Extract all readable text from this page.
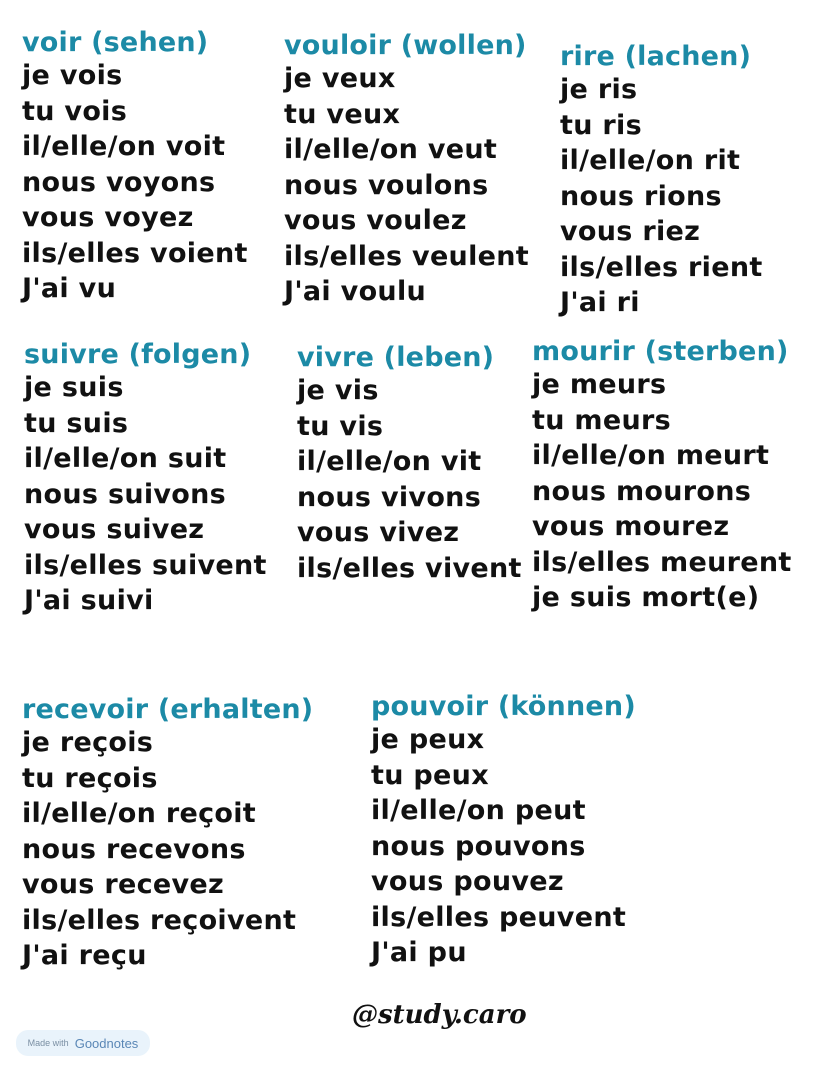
voir (sehen)
je vois
tu vois
il/elle/on voit
nous voyons
vous voyez
ils/elles voient
J'ai vu
vouloir (wollen)
je veux
tu veux
il/elle/on veut
nous voulons
vous voulez
ils/elles veulent
J'ai voulu
rire (lachen)
je ris
tu ris
il/elle/on rit
nous rions
vous riez
ils/elles rient
J'ai ri
suivre (folgen)
je suis
tu suis
il/elle/on suit
nous suivons
vous suivez
ils/elles suivent
J'ai suivi
vivre (leben)
je vis
tu vis
il/elle/on vit
nous vivons
vous vivez
ils/elles vivent
mourir (sterben)
je meurs
tu meurs
il/elle/on meurt
nous mourons
vous mourez
ils/elles meurent
je suis mort(e)
recevoir (erhalten)
je reçois
tu reçois
il/elle/on reçoit
nous recevons
vous recevez
ils/elles reçoivent
J'ai reçu
pouvoir (können)
je peux
tu peux
il/elle/on peut
nous pouvons
vous pouvez
ils/elles peuvent
J'ai pu
@study.caro
Made with Goodnotes
